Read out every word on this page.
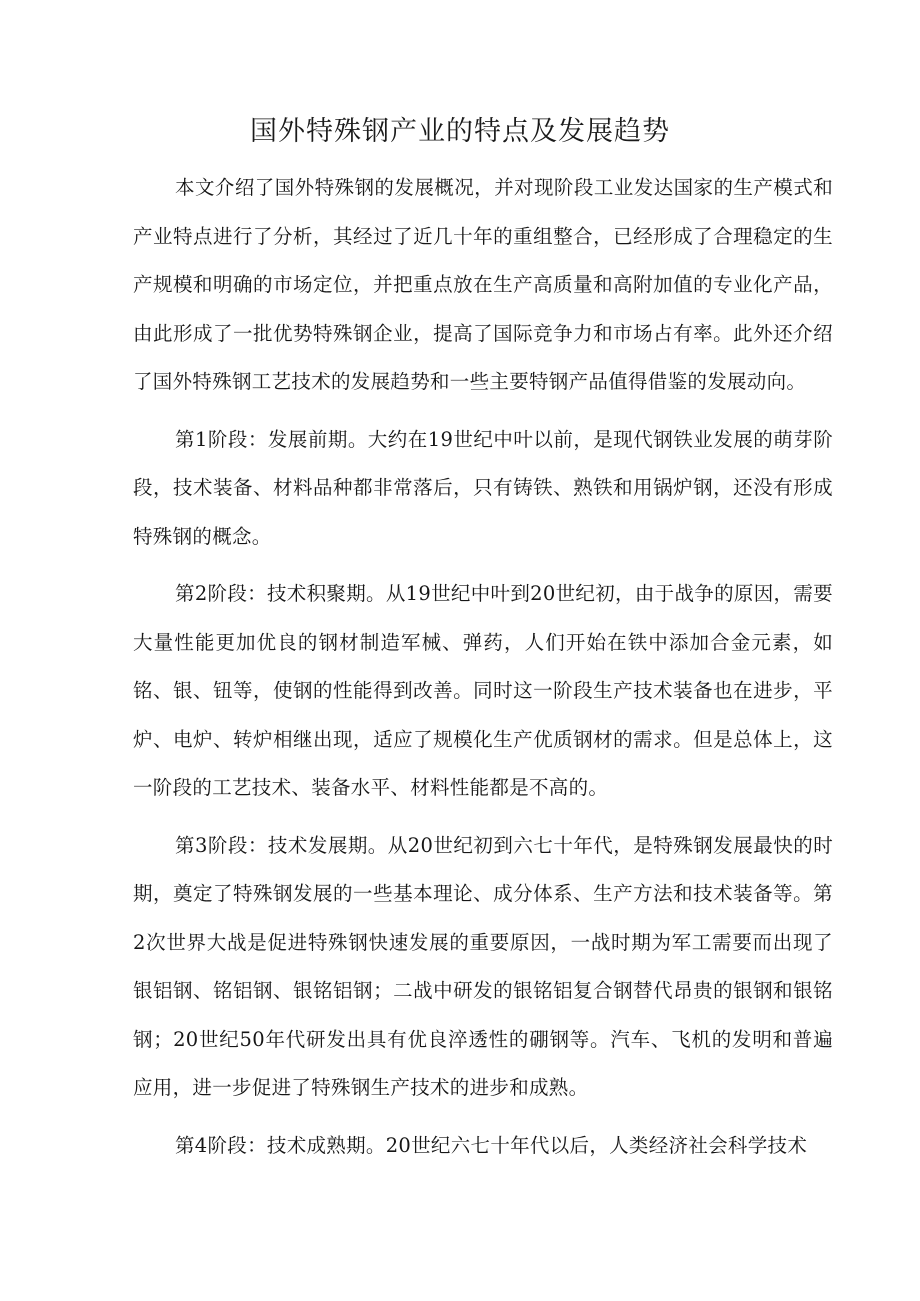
国外特殊钢产业的特点及发展趋势

本文介绍了国外特殊钢的发展概况，并对现阶段工业发达国家的生产模式和产业特点进行了分析，其经过了近几十年的重组整合，已经形成了合理稳定的生产规模和明确的市场定位，并把重点放在生产高质量和高附加值的专业化产品，由此形成了一批优势特殊钢企业，提高了国际竞争力和市场占有率。此外还介绍了国外特殊钢工艺技术的发展趋势和一些主要特钢产品值得借鉴的发展动向。

第1阶段：发展前期。大约在19世纪中叶以前，是现代钢铁业发展的萌芽阶段，技术装备、材料品种都非常落后，只有铸铁、熟铁和用锅炉钢，还没有形成特殊钢的概念。

第2阶段：技术积聚期。从19世纪中叶到20世纪初，由于战争的原因，需要大量性能更加优良的钢材制造军械、弹药，人们开始在铁中添加合金元素，如铭、银、钮等，使钢的性能得到改善。同时这一阶段生产技术装备也在进步，平炉、电炉、转炉相继出现，适应了规模化生产优质钢材的需求。但是总体上，这一阶段的工艺技术、装备水平、材料性能都是不高的。

第3阶段：技术发展期。从20世纪初到六七十年代，是特殊钢发展最快的时期，奠定了特殊钢发展的一些基本理论、成分体系、生产方法和技术装备等。第2次世界大战是促进特殊钢快速发展的重要原因，一战时期为军工需要而出现了银铝钢、铭铝钢、银铭铝钢；二战中研发的银铭铝复合钢替代昂贵的银钢和银铭钢；20世纪50年代研发出具有优良淬透性的硼钢等。汽车、飞机的发明和普遍应用，进一步促进了特殊钢生产技术的进步和成熟。

第4阶段：技术成熟期。20世纪六七十年代以后，人类经济社会科学技术
